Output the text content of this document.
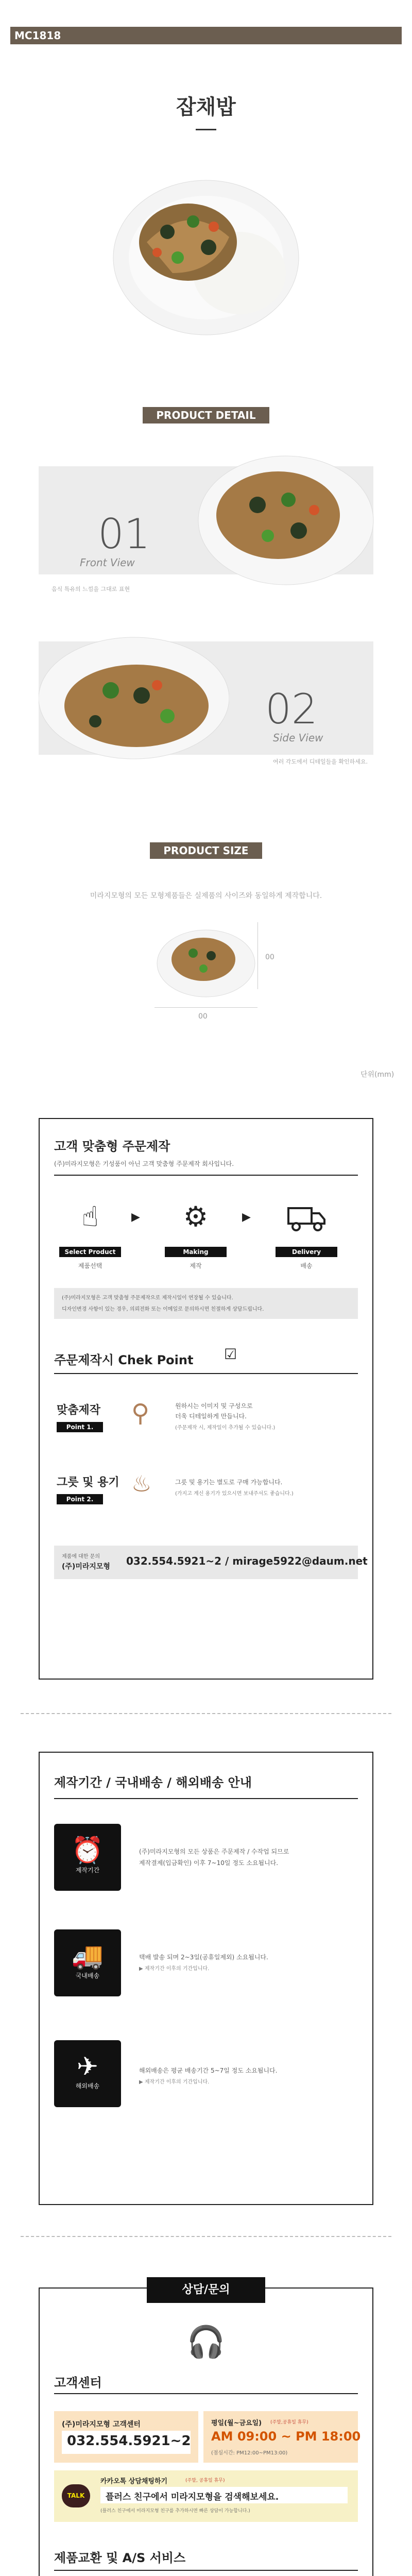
MC1818
잡채밥
PRODUCT DETAIL
01
Front View
음식 특유의 느낌을 그대로 표현
02
Side View
여러 각도에서 디테일들을 확인하세요.
PRODUCT SIZE
미라지모형의 모든 모형제품들은 실제품의 사이즈와 동일하게 제작합니다.
00
00
단위(mm)
고객 맞춤형 주문제작
(주)미라지모형은 기성품이 아닌 고객 맞춤형 주문제작 회사입니다.
☝	▶ ⚙	▶
Select Product	Making	Delivery
제품선택	제작	배송
(주)미라지모형은 고객 맞춤형 주문제작으로 제작시일이 연장될 수 있습니다.
디자인변경 사항이 있는 경우, 의뢰전화 또는 이메일로 문의하시면 친절하게 상담드립니다.
주문제작시 Chek Point ☑
맞춤제작
Point 1.	⚲	원하시는 이미지 및 구성으로
더욱 디테일하게 만듭니다.
(주문제작 시, 제작일이 추가될 수 있습니다.)
그릇 및 용기
Point 2.
♨	그릇 및 용기는 별도로 구매 가능합니다.
(가지고 계신 용기가 있으시면 보내주셔도 좋습니다.)
제품에 대한 문의
(주)미라지모형 032.554.5921~2 / mirage5922@daum.net
제작기간 / 국내배송 / 해외배송 안내
⏰
제작기간
(주)미라지모형의 모든 상품은 주문제작 / 수작업 되므로
제작결제(입금확인) 이후 7~10일 정도 소요됩니다.
🚚
국내배송
택배 발송 되며 2~3일(공휴일제외) 소요됩니다.
▶ 제작기간 이후의 기간입니다.
✈
해외배송
해외배송은 평균 배송기간 5~7일 정도 소요됩니다.
▶ 제작기간 이후의 기간입니다.
상담/문의
🎧
고객센터
(주)미라지모형 고객센터
032.554.5921~2
평일(월~금요일) (주말,공휴일 휴무)
AM 09:00 ~ PM 18:00
(점심시간: PM12:00~PM13:00)
TALK
카카오톡 상담채팅하기	(주말, 공휴일 휴무)
플러스 친구에서 미라지모형을 검색해보세요.
(플러스 친구에서 미라지모형 친구를 추가하시면 빠른 상담이 가능합니다.)
제품교환 및 A/S 서비스
